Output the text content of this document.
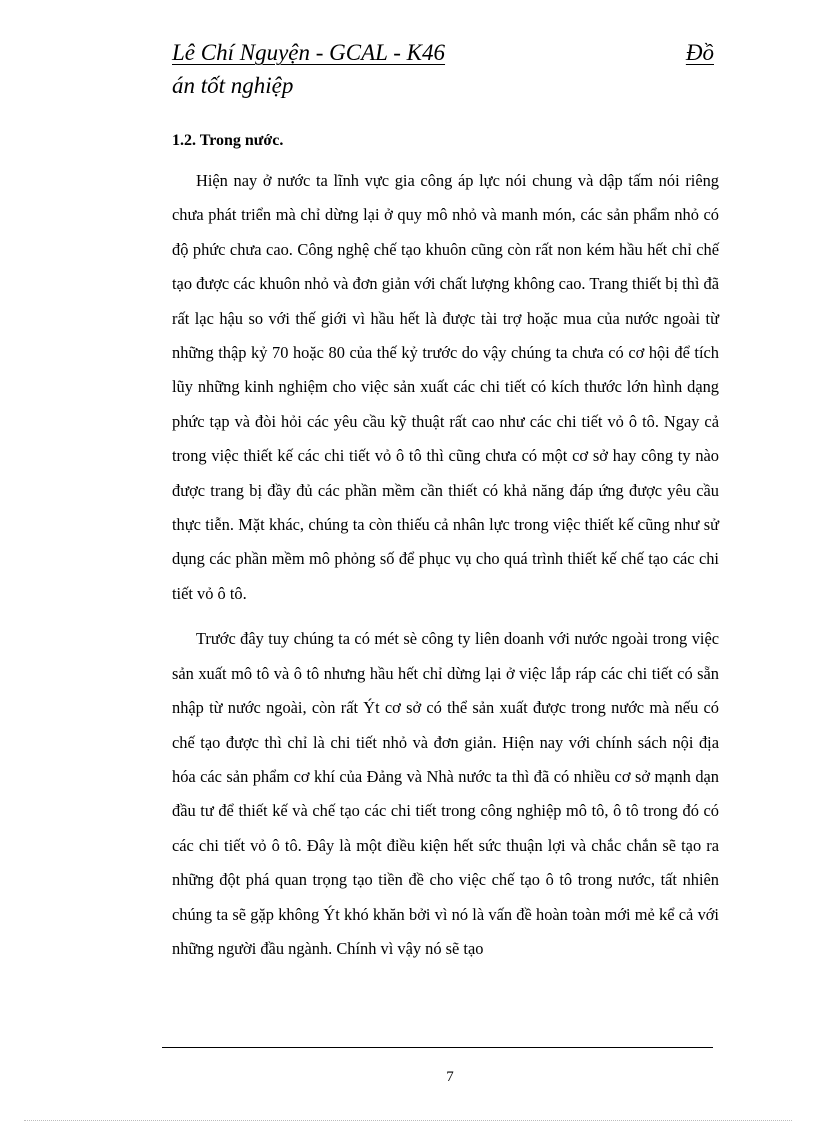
Lê Chí Nguyện - GCAL - K46	Đồ
án tốt nghiệp
1.2. Trong nước.

Hiện nay ở nước ta lĩnh vực gia công áp lực nói chung và dập tấm nói riêng chưa phát triển mà chỉ dừng lại ở quy mô nhỏ và manh món, các sản phẩm nhỏ có độ phức chưa cao. Công nghệ chế tạo khuôn cũng còn rất non kém hầu hết chỉ chế tạo được các khuôn nhỏ và đơn giản với chất lượng không cao. Trang thiết bị thì đã rất lạc hậu so với thế giới vì hầu hết là được tài trợ hoặc mua của nước ngoài từ những thập kỷ 70 hoặc 80 của thế kỷ trước do vậy chúng ta chưa có cơ hội để tích lũy những kinh nghiệm cho việc sản xuất các chi tiết có kích thước lớn hình dạng phức tạp và đòi hỏi các yêu cầu kỹ thuật rất cao như các chi tiết vỏ ô tô. Ngay cả trong việc thiết kế các chi tiết vỏ ô tô thì cũng chưa có một cơ sở hay công ty nào được trang bị đầy đủ các phần mềm cần thiết có khả năng đáp ứng được yêu cầu thực tiễn. Mặt khác, chúng ta còn thiếu cả nhân lực trong việc thiết kế cũng như sử dụng các phần mềm mô phỏng số để phục vụ cho quá trình thiết kế chế tạo các chi tiết vỏ ô tô.

Trước đây tuy chúng ta có mét sè công ty liên doanh với nước ngoài trong việc sản xuất mô tô và ô tô nhưng hầu hết chỉ dừng lại ở việc lắp ráp các chi tiết có sẵn nhập từ nước ngoài, còn rất Ýt cơ sở có thể sản xuất được trong nước mà nếu có chế tạo được thì chỉ là chi tiết nhỏ và đơn giản. Hiện nay với chính sách nội địa hóa các sản phẩm cơ khí của Đảng và Nhà nước ta thì đã có nhiều cơ sở mạnh dạn đầu tư để thiết kế và chế tạo các chi tiết trong công nghiệp mô tô, ô tô trong đó có các chi tiết vỏ ô tô. Đây là một điều kiện hết sức thuận lợi và chắc chắn sẽ tạo ra những đột phá quan trọng tạo tiền đề cho việc chế tạo ô tô trong nước, tất nhiên chúng ta sẽ gặp không Ýt khó khăn bởi vì nó là vấn đề hoàn toàn mới mẻ kể cả với những người đầu ngành. Chính vì vậy nó sẽ tạo

7
